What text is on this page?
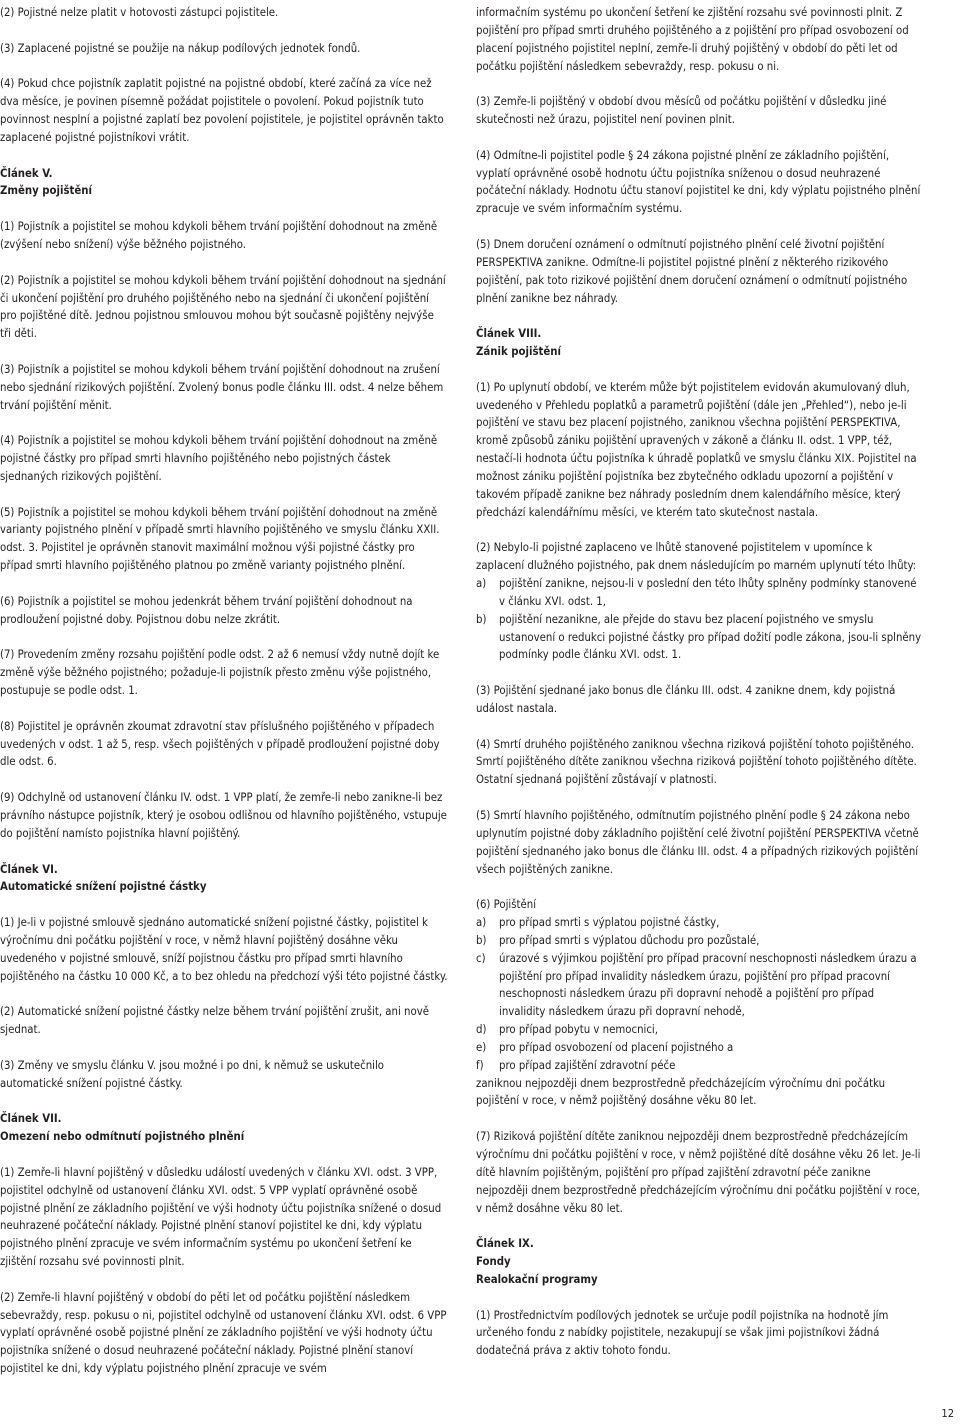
(2) Pojistné nelze platit v hotovosti zástupci pojistitele.

(3) Zaplacené pojistné se použije na nákup podílových jednotek fondů.

(4) Pokud chce pojistník zaplatit pojistné na pojistné období, které začíná za více než dva měsíce, je povinen písemně požádat pojistitele o povolení. Pokud pojistník tuto povinnost nesplní a pojistné zaplatí bez povolení pojistitele, je pojistitel oprávněn takto zaplacené pojistné pojistníkovi vrátit.

Článek V.
Změny pojištění

(1) Pojistník a pojistitel se mohou kdykoli během trvání pojištění dohodnout na změně (zvýšení nebo snížení) výše běžného pojistného.

(2) Pojistník a pojistitel se mohou kdykoli během trvání pojištění dohodnout na sjednání či ukončení pojištění pro druhého pojištěného nebo na sjednání či ukončení pojištění pro pojištěné dítě. Jednou pojistnou smlouvou mohou být současně pojištěny nejvýše tři děti.

(3) Pojistník a pojistitel se mohou kdykoli během trvání pojištění dohodnout na zrušení nebo sjednání rizikových pojištění. Zvolený bonus podle článku III. odst. 4 nelze během trvání pojištění měnit.

(4) Pojistník a pojistitel se mohou kdykoli během trvání pojištění dohodnout na změně pojistné částky pro případ smrti hlavního pojištěného nebo pojistných částek sjednaných rizikových pojištění.

(5) Pojistník a pojistitel se mohou kdykoli během trvání pojištění dohodnout na změně varianty pojistného plnění v případě smrti hlavního pojištěného ve smyslu článku XXII. odst. 3. Pojistitel je oprávněn stanovit maximální možnou výši pojistné částky pro případ smrti hlavního pojištěného platnou po změně varianty pojistného plnění.

(6) Pojistník a pojistitel se mohou jedenkrát během trvání pojištění dohodnout na prodloužení pojistné doby. Pojistnou dobu nelze zkrátit.

(7) Provedením změny rozsahu pojištění podle odst. 2 až 6 nemusí vždy nutně dojít ke změně výše běžného pojistného; požaduje-li pojistník přesto změnu výše pojistného, postupuje se podle odst. 1.

(8) Pojistitel je oprávněn zkoumat zdravotní stav příslušného pojištěného v případech uvedených v odst. 1 až 5, resp. všech pojištěných v případě prodloužení pojistné doby dle odst. 6.

(9) Odchylně od ustanovení článku IV. odst. 1 VPP platí, že zemře-li nebo zanikne-li bez právního nástupce pojistník, který je osobou odlišnou od hlavního pojištěného, vstupuje do pojištění namísto pojistníka hlavní pojištěný.

Článek VI.
Automatické snížení pojistné částky

(1) Je-li v pojistné smlouvě sjednáno automatické snížení pojistné částky, pojistitel k výročnímu dni počátku pojištění v roce, v němž hlavní pojištěný dosáhne věku uvedeného v pojistné smlouvě, sníží pojistnou částku pro případ smrti hlavního pojištěného na částku 10 000 Kč, a to bez ohledu na předchozí výši této pojistné částky.

(2) Automatické snížení pojistné částky nelze během trvání pojištění zrušit, ani nově sjednat.

(3) Změny ve smyslu článku V. jsou možné i po dni, k němuž se uskutečnilo automatické snížení pojistné částky.

Článek VII.
Omezení nebo odmítnutí pojistného plnění

(1) Zemře-li hlavní pojištěný v důsledku událostí uvedených v článku XVI. odst. 3 VPP, pojistitel odchylně od ustanovení článku XVI. odst. 5 VPP vyplatí oprávněné osobě pojistné plnění ze základního pojištění ve výši hodnoty účtu pojistníka snížené o dosud neuhrazené počáteční náklady. Pojistné plnění stanoví pojistitel ke dni, kdy výplatu pojistného plnění zpracuje ve svém informačním systému po ukončení šetření ke zjištění rozsahu své povinnosti plnit.

(2) Zemře-li hlavní pojištěný v období do pěti let od počátku pojištění následkem sebevraždy, resp. pokusu o ni, pojistitel odchylně od ustanovení článku XVI. odst. 6 VPP vyplatí oprávněné osobě pojistné plnění ze základního pojištění ve výši hodnoty účtu pojistníka snížené o dosud neuhrazené počáteční náklady. Pojistné plnění stanoví pojistitel ke dni, kdy výplatu pojistného plnění zpracuje ve svém

informačním systému po ukončení šetření ke zjištění rozsahu své povinnosti plnit. Z pojištění pro případ smrti druhého pojištěného a z pojištění pro případ osvobození od placení pojistného pojistitel neplní, zemře-li druhý pojištěný v období do pěti let od počátku pojištění následkem sebevraždy, resp. pokusu o ni.

(3) Zemře-li pojištěný v období dvou měsíců od počátku pojištění v důsledku jiné skutečnosti než úrazu, pojistitel není povinen plnit.

(4) Odmítne-li pojistitel podle § 24 zákona pojistné plnění ze základního pojištění, vyplatí oprávněné osobě hodnotu účtu pojistníka sníženou o dosud neuhrazené počáteční náklady. Hodnotu účtu stanoví pojistitel ke dni, kdy výplatu pojistného plnění zpracuje ve svém informačním systému.

(5) Dnem doručení oznámení o odmítnutí pojistného plnění celé životní pojištění PERSPEKTIVA zanikne. Odmítne-li pojistitel pojistné plnění z některého rizikového pojištění, pak toto rizikové pojištění dnem doručení oznámení o odmítnutí pojistného plnění zanikne bez náhrady.

Článek VIII.
Zánik pojištění

(1) Po uplynutí období, ve kterém může být pojistitelem evidován akumulovaný dluh, uvedeného v Přehledu poplatků a parametrů pojištění (dále jen „Přehled“), nebo je-li pojištění ve stavu bez placení pojistného, zaniknou všechna pojištění PERSPEKTIVA, kromě způsobů zániku pojištění upravených v zákoně a článku II. odst. 1 VPP, též, nestačí-li hodnota účtu pojistníka k úhradě poplatků ve smyslu článku XIX. Pojistitel na možnost zániku pojištění pojistníka bez zbytečného odkladu upozorní a pojištění v takovém případě zanikne bez náhrady posledním dnem kalendářního měsíce, který předchází kalendářnímu měsíci, ve kterém tato skutečnost nastala.

(2) Nebylo-li pojistné zaplaceno ve lhůtě stanovené pojistitelem v upomínce k zaplacení dlužného pojistného, pak dnem následujícím po marném uplynutí této lhůty:
a) pojištění zanikne, nejsou-li v poslední den této lhůty splněny podmínky stanovené v článku XVI. odst. 1,
b) pojištění nezanikne, ale přejde do stavu bez placení pojistného ve smyslu ustanovení o redukci pojistné částky pro případ dožití podle zákona, jsou-li splněny podmínky podle článku XVI. odst. 1.

(3) Pojištění sjednané jako bonus dle článku III. odst. 4 zanikne dnem, kdy pojistná událost nastala.

(4) Smrtí druhého pojištěného zaniknou všechna riziková pojištění tohoto pojištěného. Smrtí pojištěného dítěte zaniknou všechna riziková pojištění tohoto pojištěného dítěte. Ostatní sjednaná pojištění zůstávají v platnosti.

(5) Smrtí hlavního pojištěného, odmítnutím pojistného plnění podle § 24 zákona nebo uplynutím pojistné doby základního pojištění celé životní pojištění PERSPEKTIVA včetně pojištění sjednaného jako bonus dle článku III. odst. 4 a případných rizikových pojištění všech pojištěných zanikne.

(6) Pojištění
a) pro případ smrti s výplatou pojistné částky,
b) pro případ smrti s výplatou důchodu pro pozůstalé,
c) úrazové s výjimkou pojištění pro případ pracovní neschopnosti následkem úrazu a pojištění pro případ invalidity následkem úrazu, pojištění pro případ pracovní neschopnosti následkem úrazu při dopravní nehodě a pojištění pro případ invalidity následkem úrazu při dopravní nehodě,
d) pro případ pobytu v nemocnici,
e) pro případ osvobození od placení pojistného a
f) pro případ zajištění zdravotní péče
zaniknou nejpozději dnem bezprostředně předcházejícím výročnímu dni počátku pojištění v roce, v němž pojištěný dosáhne věku 80 let.

(7) Riziková pojištění dítěte zaniknou nejpozději dnem bezprostředně předcházejícím výročnímu dni počátku pojištění v roce, v němž pojištěné dítě dosáhne věku 26 let. Je-li dítě hlavním pojištěným, pojištění pro případ zajištění zdravotní péče zanikne nejpozději dnem bezprostředně předcházejícím výročnímu dni počátku pojištění v roce, v němž dosáhne věku 80 let.

Článek IX.
Fondy
Realokační programy

(1) Prostřednictvím podílových jednotek se určuje podíl pojistníka na hodnotě jím určeného fondu z nabídky pojistitele, nezakupují se však jimi pojistníkovi žádná dodatečná práva z aktiv tohoto fondu.

12
